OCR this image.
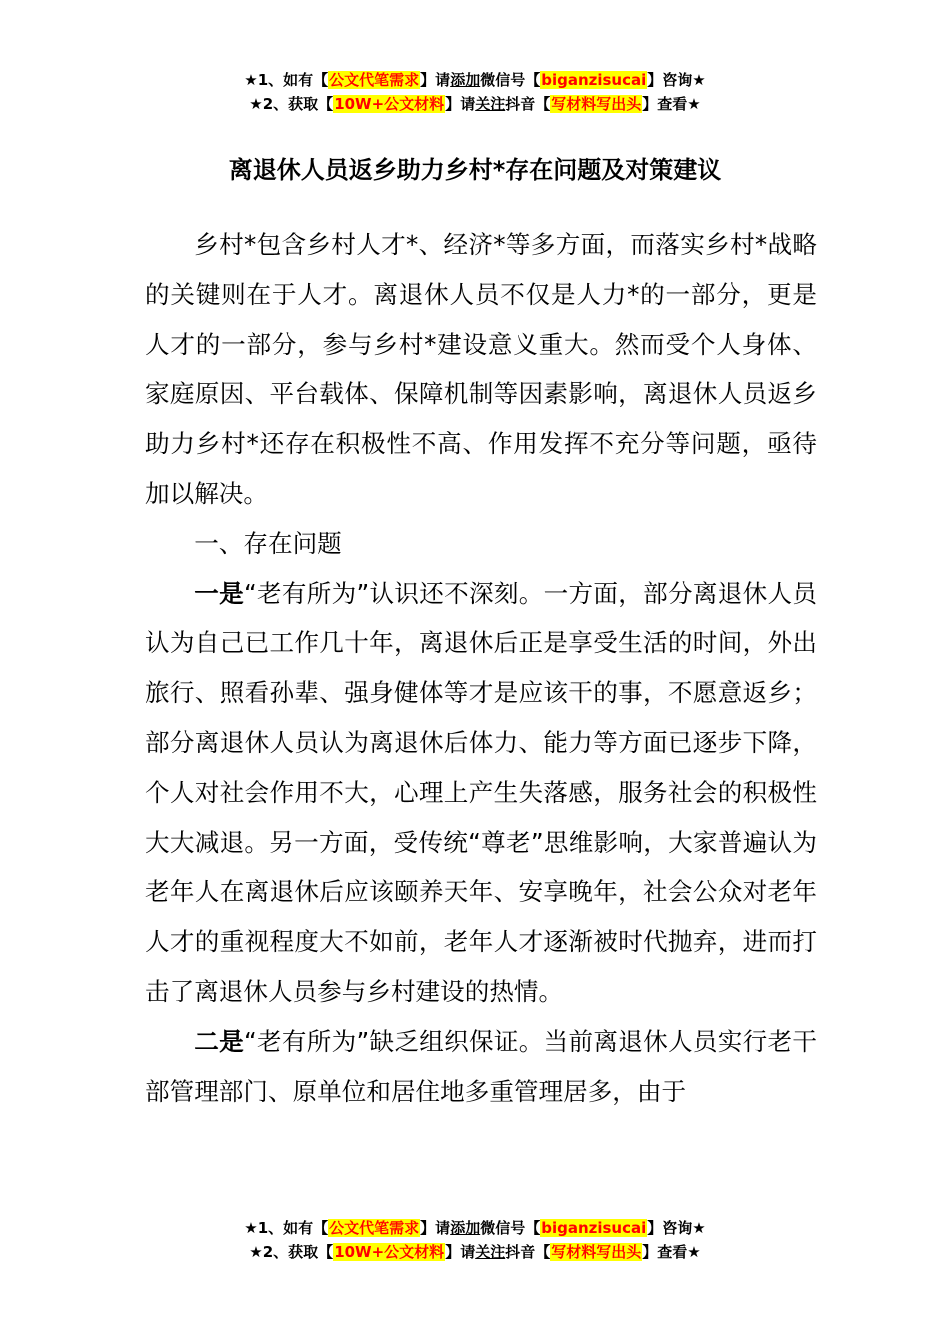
★1、如有【公文代笔需求】请添加微信号【biganzisucai】咨询★
★2、获取【10W+公文材料】请关注抖音【写材料写出头】查看★
离退休人员返乡助力乡村*存在问题及对策建议

乡村*包含乡村人才*、经济*等多方面，而落实乡村*战略的关键则在于人才。离退休人员不仅是人力*的一部分，更是人才的一部分，参与乡村*建设意义重大。然而受个人身体、家庭原因、平台载体、保障机制等因素影响，离退休人员返乡助力乡村*还存在积极性不高、作用发挥不充分等问题，亟待加以解决。

一、存在问题

一是“老有所为”认识还不深刻。一方面，部分离退休人员认为自己已工作几十年，离退休后正是享受生活的时间，外出旅行、照看孙辈、强身健体等才是应该干的事，不愿意返乡；部分离退休人员认为离退休后体力、能力等方面已逐步下降，个人对社会作用不大，心理上产生失落感，服务社会的积极性大大减退。另一方面，受传统“尊老”思维影响，大家普遍认为老年人在离退休后应该颐养天年、安享晚年，社会公众对老年人才的重视程度大不如前，老年人才逐渐被时代抛弃，进而打击了离退休人员参与乡村建设的热情。

二是“老有所为”缺乏组织保证。当前离退休人员实行老干部管理部门、原单位和居住地多重管理居多，由于

★1、如有【公文代笔需求】请添加微信号【biganzisucai】咨询★
★2、获取【10W+公文材料】请关注抖音【写材料写出头】查看★
